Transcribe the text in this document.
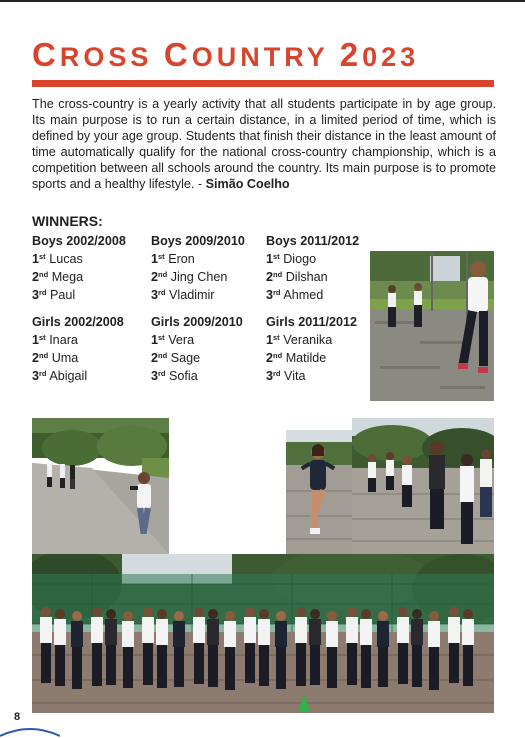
CROSS COUNTRY 2023
The cross-country is a yearly activity that all students participate in by age group. Its main purpose is to run a certain distance, in a limited period of time, which is defined by your age group. Students that finish their distance in the least amount of time automatically qualify for the national cross-country championship, which is a competition between all schools around the country. Its main purpose is to promote sports and a healthy lifestyle. - Simão Coelho
WINNERS:
Boys 2002/2008
1st Lucas
2nd Mega
3rd Paul
Boys 2009/2010
1st Eron
2nd Jing Chen
3rd Vladimir
Boys 2011/2012
1st Diogo
2nd Dilshan
3rd Ahmed
Girls 2002/2008
1st Inara
2nd Uma
3rd Abigail
Girls 2009/2010
1st Vera
2nd Sage
3rd Sofia
Girls 2011/2012
1st Veranika
2nd Matilde
3rd Vita
8
